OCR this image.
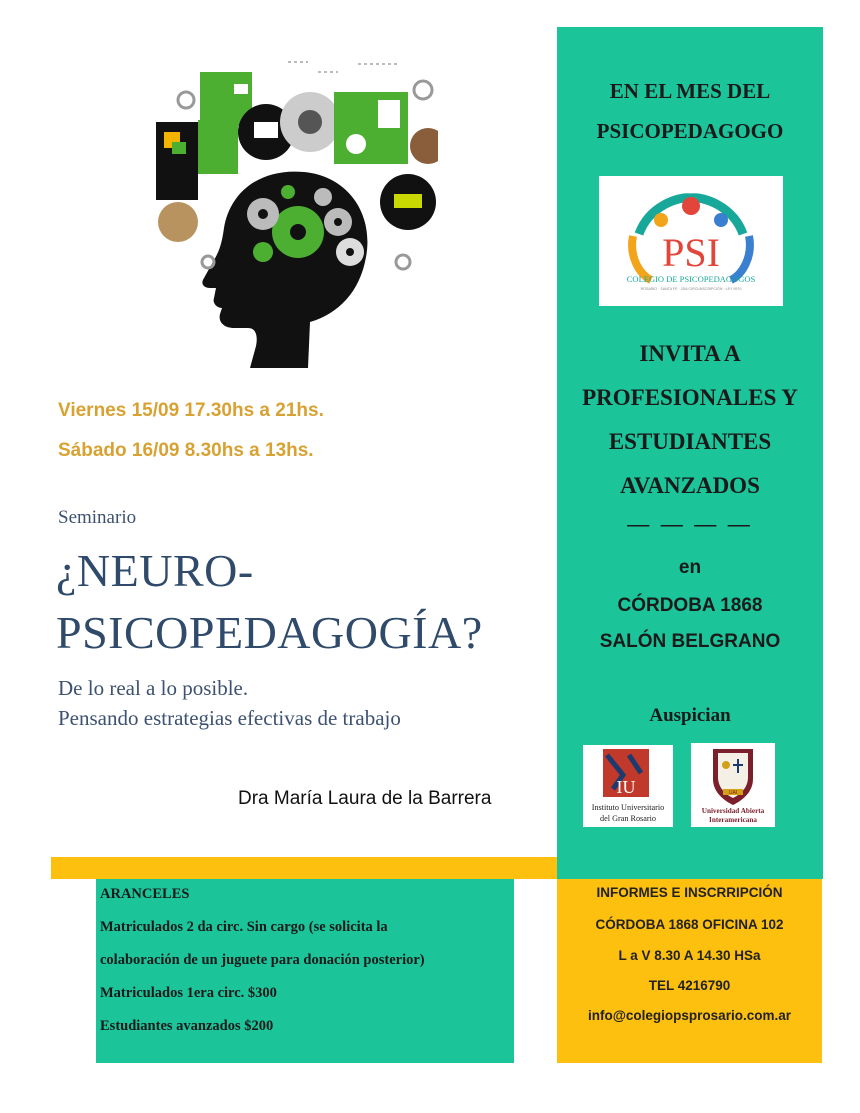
Viernes 15/09 17.30hs a 21hs.
Sábado 16/09 8.30hs a 13hs.
Seminario
¿NEURO-
PSICOPEDAGOGÍA?
De lo real a lo posible.
Pensando estrategias efectivas de trabajo
Dra María Laura de la Barrera
EN EL MES DEL
PSICOPEDAGOGO
PSI
COLEGIO DE PSICOPEDAGOGOS
ROSARIO · SANTA FE · 2DA CIRCUNSCRIPCIÓN · LEY 9970
INVITA A
PROFESIONALES Y
ESTUDIANTES
AVANZADOS
— — — —
en
CÓRDOBA 1868
SALÓN BELGRANO
Auspician
IU
Instituto Universitario
del Gran Rosario
UAI
Universidad Abierta
Interamericana
ARANCELES
Matriculados 2 da circ. Sin cargo (se solicita la
colaboración de un juguete para donación posterior)
Matriculados 1era circ. $300
Estudiantes avanzados $200
INFORMES E INSCRRIPCIÓN
CÓRDOBA 1868 OFICINA 102
L a V 8.30 A 14.30 HSa
TEL 4216790
info@colegiopsprosario.com.ar
